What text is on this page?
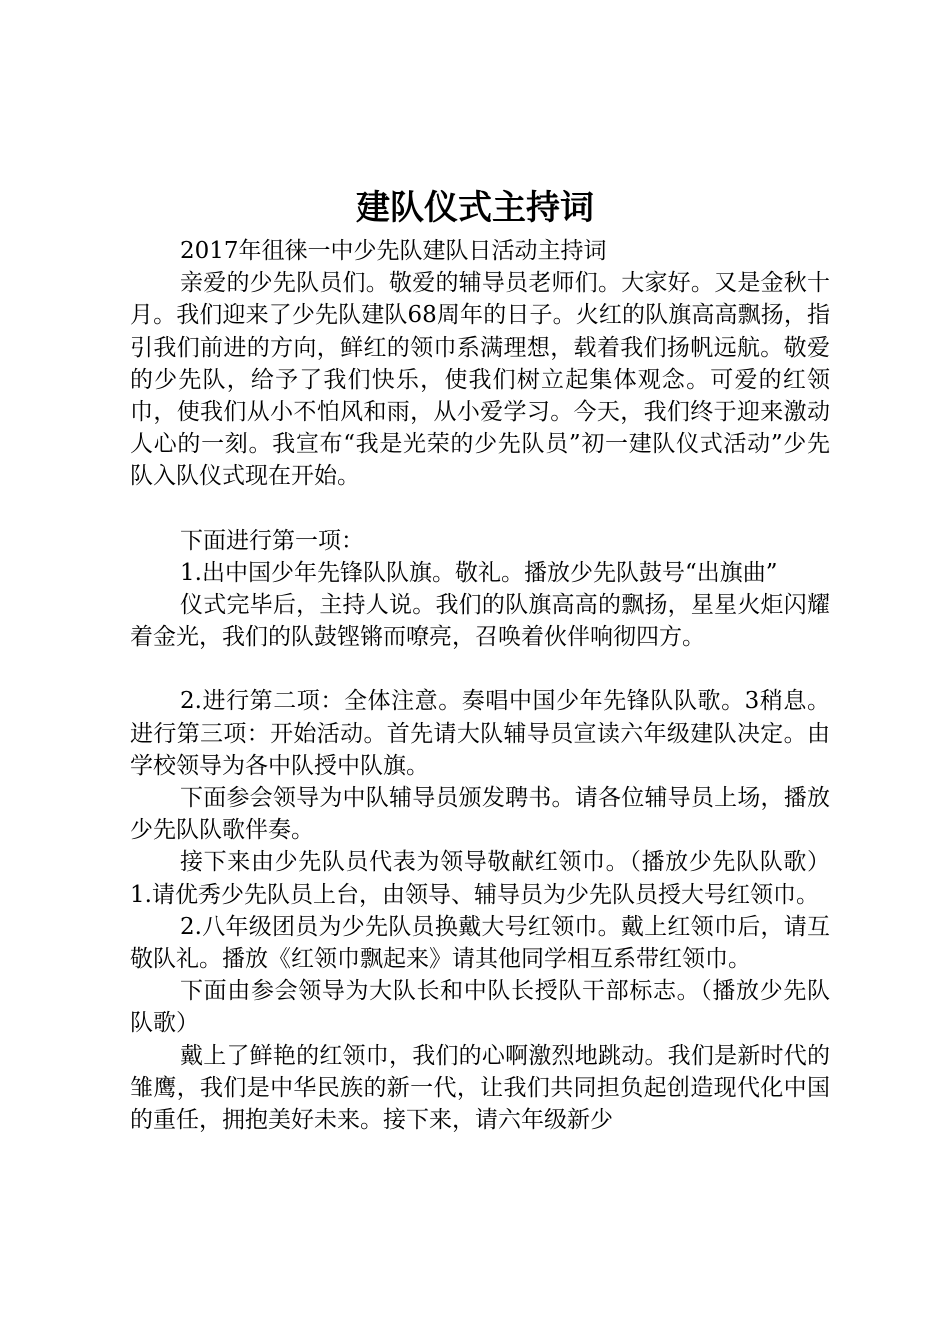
建队仪式主持词

2017年徂徕一中少先队建队日活动主持词

亲爱的少先队员们。敬爱的辅导员老师们。大家好。又是金秋十月。我们迎来了少先队建队68周年的日子。火红的队旗高高飘扬，指引我们前进的方向，鲜红的领巾系满理想，载着我们扬帆远航。敬爱的少先队，给予了我们快乐，使我们树立起集体观念。可爱的红领巾，使我们从小不怕风和雨，从小爱学习。今天，我们终于迎来激动人心的一刻。我宣布“我是光荣的少先队员”初一建队仪式活动”少先队入队仪式现在开始。

下面进行第一项：

1.出中国少年先锋队队旗。敬礼。播放少先队鼓号“出旗曲”

仪式完毕后，主持人说。我们的队旗高高的飘扬，星星火炬闪耀着金光，我们的队鼓铿锵而嘹亮，召唤着伙伴响彻四方。

2.进行第二项：全体注意。奏唱中国少年先锋队队歌。3稍息。进行第三项：开始活动。首先请大队辅导员宣读六年级建队决定。由学校领导为各中队授中队旗。

下面参会领导为中队辅导员颁发聘书。请各位辅导员上场，播放少先队队歌伴奏。

接下来由少先队员代表为领导敬献红领巾。（播放少先队队歌）1.请优秀少先队员上台，由领导、辅导员为少先队员授大号红领巾。

2.八年级团员为少先队员换戴大号红领巾。戴上红领巾后，请互敬队礼。播放《红领巾飘起来》请其他同学相互系带红领巾。

下面由参会领导为大队长和中队长授队干部标志。（播放少先队队歌）

戴上了鲜艳的红领巾，我们的心啊激烈地跳动。我们是新时代的雏鹰，我们是中华民族的新一代，让我们共同担负起创造现代化中国的重任，拥抱美好未来。接下来，请六年级新少
